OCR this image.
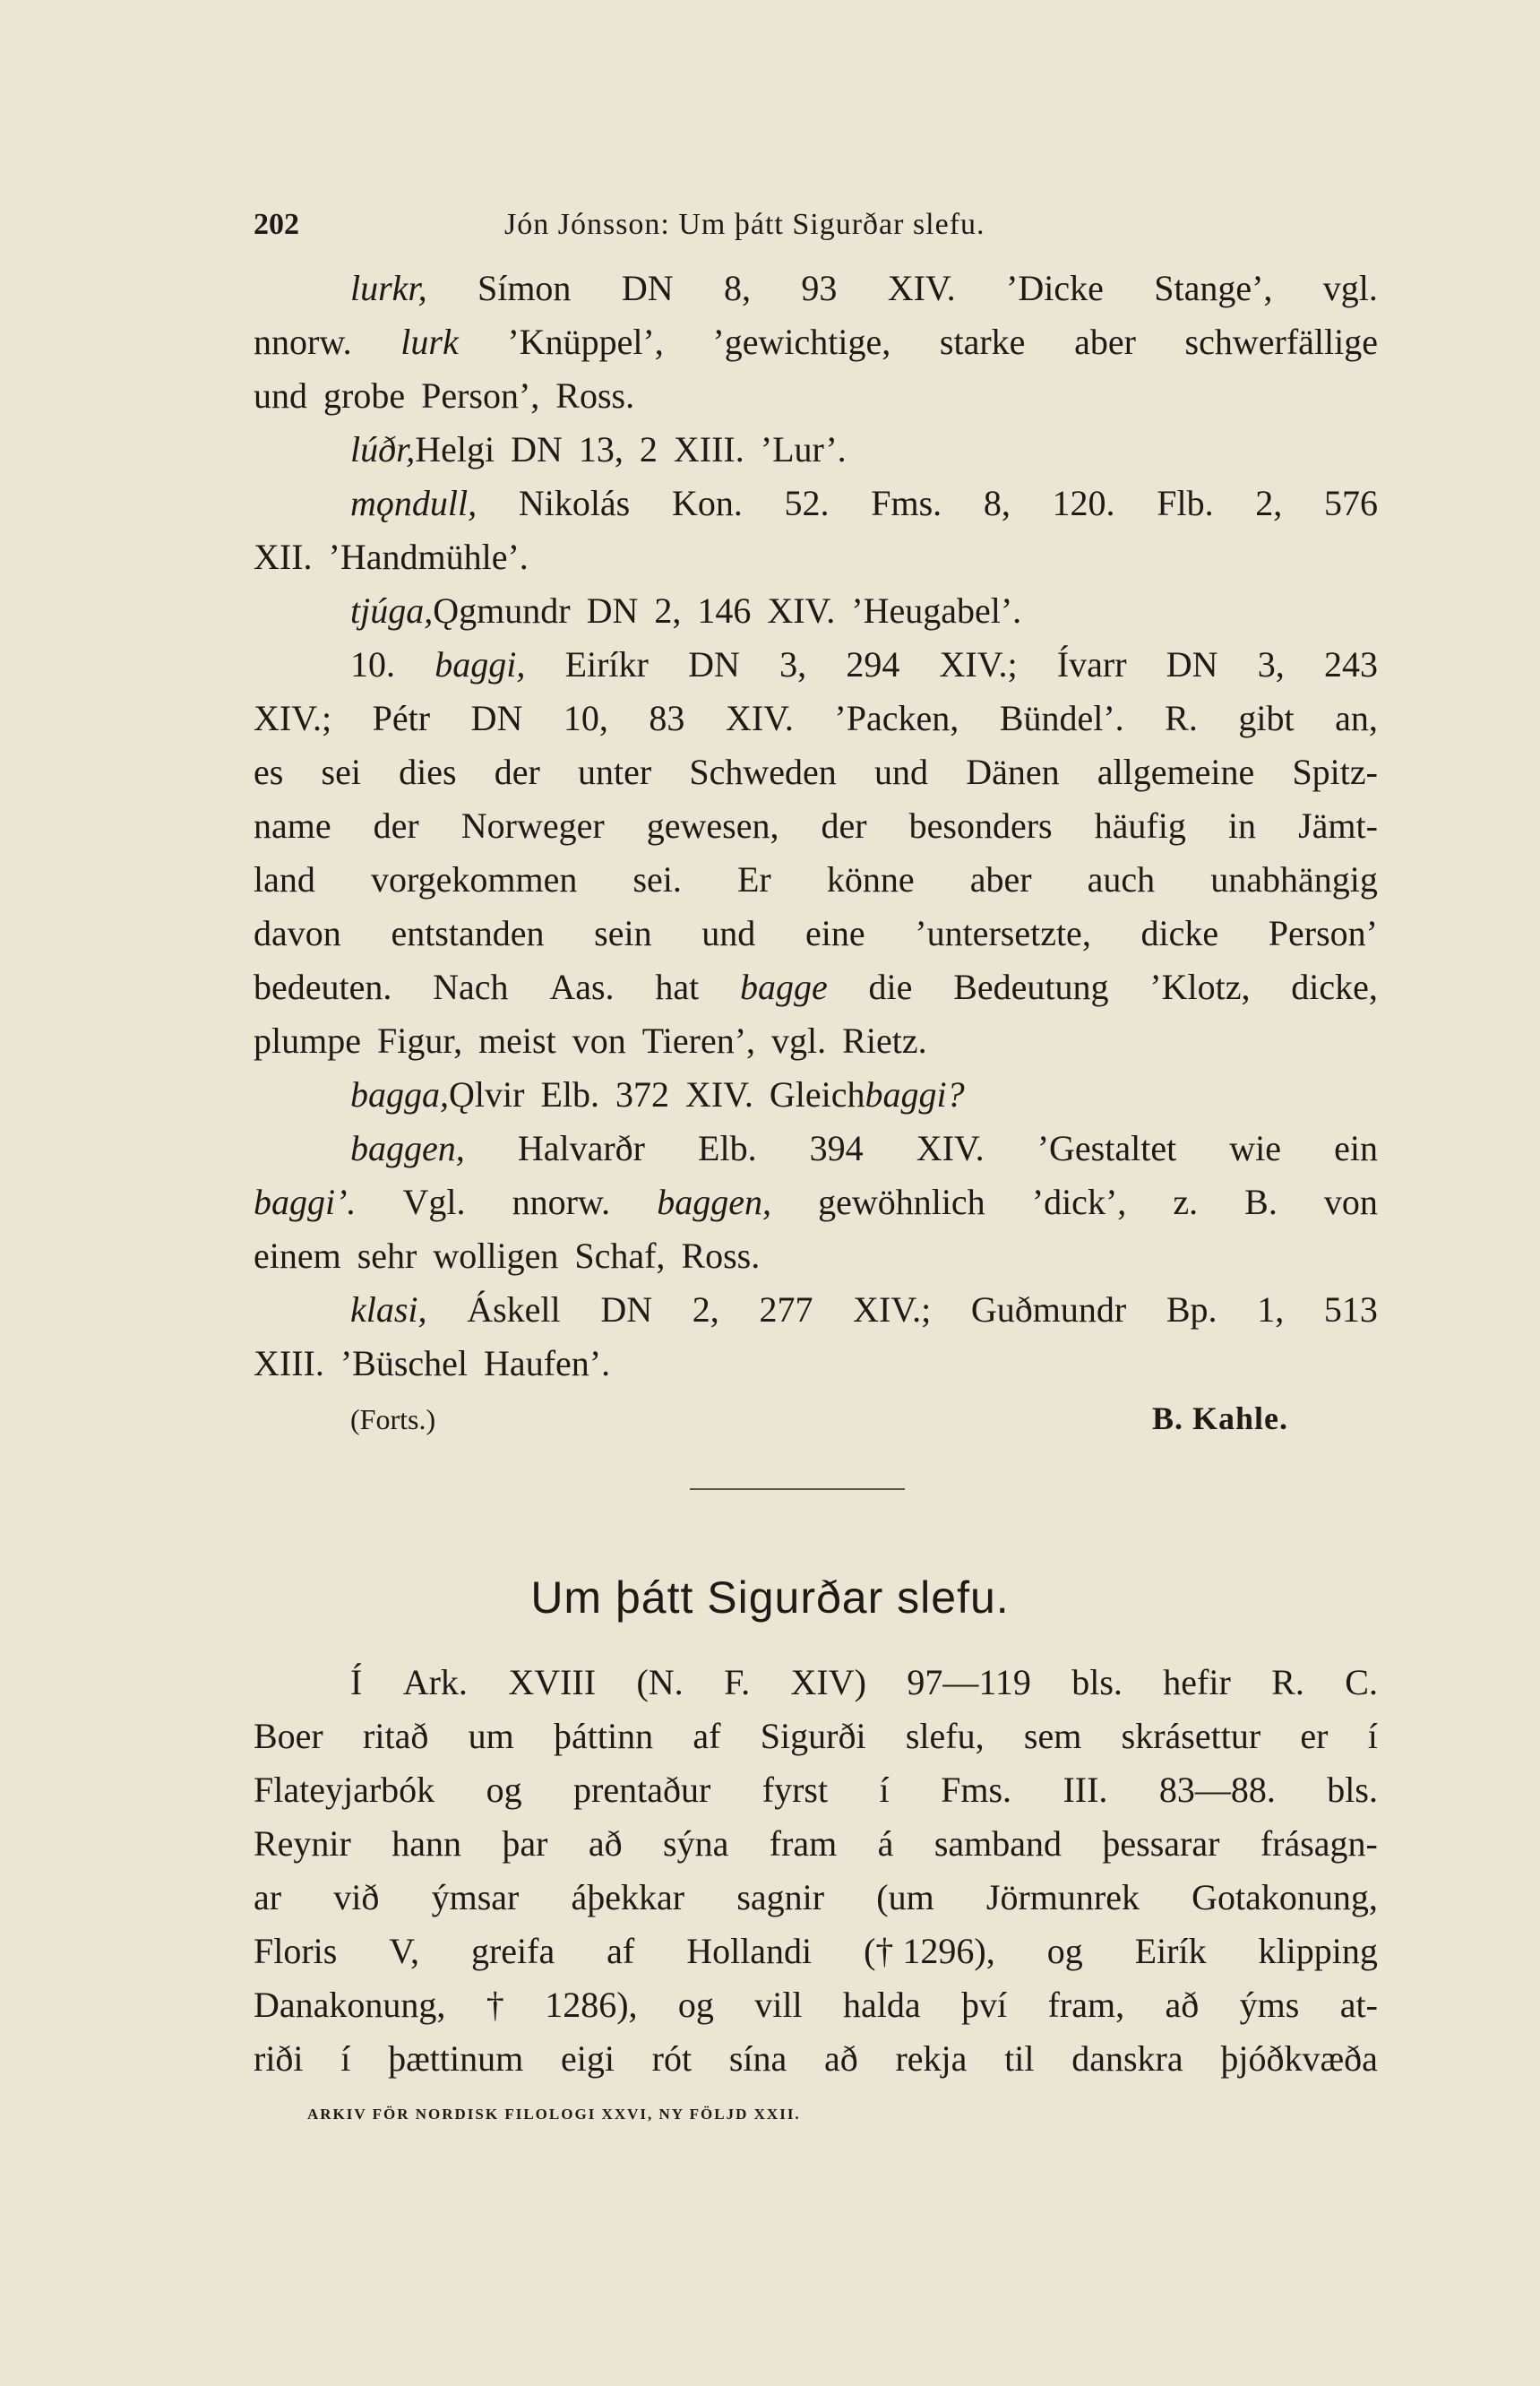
202	Jón Jónsson: Um þátt Sigurðar slefu.
lurkr, Símon DN 8, 93 XIV. ’Dicke Stange’, vgl.
nnorw. lurk ’Knüppel’, ’gewichtige, starke aber schwerfällige
und grobe Person’, Ross.
lúðr, Helgi DN 13, 2 XIII. ’Lur’.
mǫndull, Nikolás Kon. 52. Fms. 8, 120. Flb. 2, 576
XII. ’Handmühle’.
tjúga, Ǫgmundr DN 2, 146 XIV. ’Heugabel’.
10. baggi, Eiríkr DN 3, 294 XIV.; Ívarr DN 3, 243
XIV.; Pétr DN 10, 83 XIV. ’Packen, Bündel’. R. gibt an,
es sei dies der unter Schweden und Dänen allgemeine Spitz-
name der Norweger gewesen, der besonders häufig in Jämt-
land vorgekommen sei. Er könne aber auch unabhängig
davon entstanden sein und eine ’untersetzte, dicke Person’
bedeuten. Nach Aas. hat bagge die Bedeutung ’Klotz, dicke,
plumpe Figur, meist von Tieren’, vgl. Rietz.
bagga, Ǫlvir Elb. 372 XIV. Gleich baggi?
baggen, Halvarðr Elb. 394 XIV. ’Gestaltet wie ein
baggi’. Vgl. nnorw. baggen, gewöhnlich ’dick’, z. B. von
einem sehr wolligen Schaf, Ross.
klasi, Áskell DN 2, 277 XIV.; Guðmundr Bp. 1, 513
XIII. ’Büschel Haufen’.
(Forts.)	B. Kahle.
Um þátt Sigurðar slefu.
Í Ark. XVIII (N. F. XIV) 97—119 bls. hefir R. C.
Boer ritað um þáttinn af Sigurði slefu, sem skrásettur er í
Flateyjarbók og prentaður fyrst í Fms. III. 83—88. bls.
Reynir hann þar að sýna fram á samband þessarar frásagn-
ar við ýmsar áþekkar sagnir (um Jörmunrek Gotakonung,
Floris V, greifa af Hollandi († 1296), og Eirík klipping
Danakonung, † 1286), og vill halda því fram, að ýms at-
riði í þættinum eigi rót sína að rekja til danskra þjóðkvæða
ARKIV FÖR NORDISK FILOLOGI XXVI, NY FÖLJD XXII.
